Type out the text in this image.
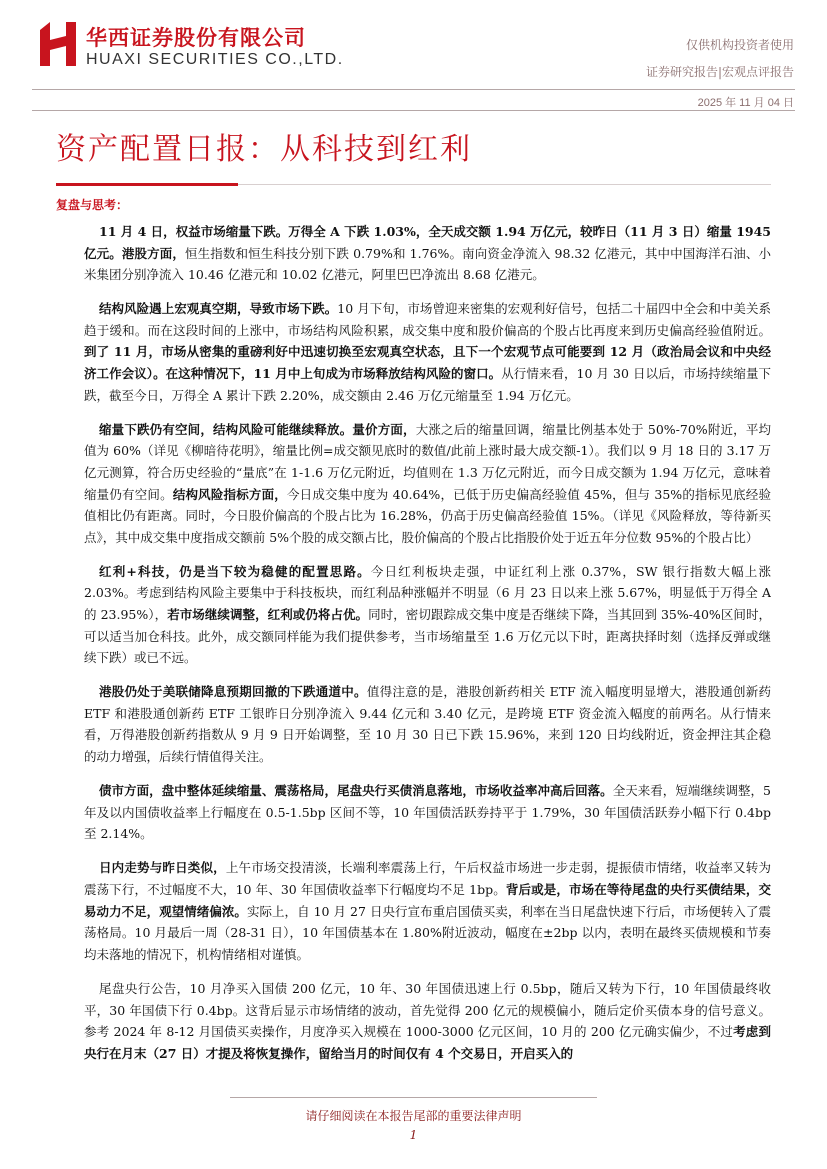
华西证券股份有限公司
HUAXI SECURITIES CO.,LTD.
仅供机构投资者使用
证券研究报告|宏观点评报告
2025 年 11 月 04 日
资产配置日报：从科技到红利
复盘与思考：

11 月 4 日，权益市场缩量下跌。万得全 A 下跌 1.03%，全天成交额 1.94 万亿元，较昨日（11 月 3 日）缩量 1945 亿元。港股方面，恒生指数和恒生科技分别下跌 0.79%和 1.76%。南向资金净流入 98.32 亿港元，其中中国海洋石油、小米集团分别净流入 10.46 亿港元和 10.02 亿港元，阿里巴巴净流出 8.68 亿港元。

结构风险遇上宏观真空期，导致市场下跌。10 月下旬，市场曾迎来密集的宏观利好信号，包括二十届四中全会和中美关系趋于缓和。而在这段时间的上涨中，市场结构风险积累，成交集中度和股价偏高的个股占比再度来到历史偏高经验值附近。到了 11 月，市场从密集的重磅利好中迅速切换至宏观真空状态，且下一个宏观节点可能要到 12 月（政治局会议和中央经济工作会议）。在这种情况下，11 月中上旬成为市场释放结构风险的窗口。从行情来看，10 月 30 日以后，市场持续缩量下跌，截至今日，万得全 A 累计下跌 2.20%，成交额由 2.46 万亿元缩量至 1.94 万亿元。

缩量下跌仍有空间，结构风险可能继续释放。量价方面，大涨之后的缩量回调，缩量比例基本处于 50%-70%附近，平均值为 60%（详见《柳暗待花明》，缩量比例=成交额见底时的数值/此前上涨时最大成交额-1）。我们以 9 月 18 日的 3.17 万亿元测算，符合历史经验的“量底”在 1-1.6 万亿元附近，均值则在 1.3 万亿元附近，而今日成交额为 1.94 万亿元，意味着缩量仍有空间。结构风险指标方面，今日成交集中度为 40.64%，已低于历史偏高经验值 45%，但与 35%的指标见底经验值相比仍有距离。同时，今日股价偏高的个股占比为 16.28%，仍高于历史偏高经验值 15%。（详见《风险释放，等待新买点》，其中成交集中度指成交额前 5%个股的成交额占比，股价偏高的个股占比指股价处于近五年分位数 95%的个股占比）

红利+科技，仍是当下较为稳健的配置思路。今日红利板块走强，中证红利上涨 0.37%，SW 银行指数大幅上涨 2.03%。考虑到结构风险主要集中于科技板块，而红利品种涨幅并不明显（6 月 23 日以来上涨 5.67%，明显低于万得全 A 的 23.95%），若市场继续调整，红利或仍将占优。同时，密切跟踪成交集中度是否继续下降，当其回到 35%-40%区间时，可以适当加仓科技。此外，成交额同样能为我们提供参考，当市场缩量至 1.6 万亿元以下时，距离抉择时刻（选择反弹或继续下跌）或已不远。

港股仍处于美联储降息预期回撤的下跌通道中。值得注意的是，港股创新药相关 ETF 流入幅度明显增大，港股通创新药 ETF 和港股通创新药 ETF 工银昨日分别净流入 9.44 亿元和 3.40 亿元，是跨境 ETF 资金流入幅度的前两名。从行情来看，万得港股创新药指数从 9 月 9 日开始调整，至 10 月 30 日已下跌 15.96%，来到 120 日均线附近，资金押注其企稳的动力增强，后续行情值得关注。

债市方面，盘中整体延续缩量、震荡格局，尾盘央行买债消息落地，市场收益率冲高后回落。全天来看，短端继续调整，5 年及以内国债收益率上行幅度在 0.5-1.5bp 区间不等，10 年国债活跃券持平于 1.79%，30 年国债活跃券小幅下行 0.4bp 至 2.14%。

日内走势与昨日类似，上午市场交投清淡，长端利率震荡上行，午后权益市场进一步走弱，提振债市情绪，收益率又转为震荡下行，不过幅度不大，10 年、30 年国债收益率下行幅度均不足 1bp。背后或是，市场在等待尾盘的央行买债结果，交易动力不足，观望情绪偏浓。实际上，自 10 月 27 日央行宣布重启国债买卖，利率在当日尾盘快速下行后，市场便转入了震荡格局。10 月最后一周（28-31 日），10 年国债基本在 1.80%附近波动，幅度在±2bp 以内，表明在最终买债规模和节奏均未落地的情况下，机构情绪相对谨慎。

尾盘央行公告，10 月净买入国债 200 亿元，10 年、30 年国债迅速上行 0.5bp，随后又转为下行，10 年国债最终收平，30 年国债下行 0.4bp。这背后显示市场情绪的波动，首先觉得 200 亿元的规模偏小，随后定价买债本身的信号意义。参考 2024 年 8-12 月国债买卖操作，月度净买入规模在 1000-3000 亿元区间，10 月的 200 亿元确实偏少，不过考虑到央行在月末（27 日）才提及将恢复操作，留给当月的时间仅有 4 个交易日，开启买入的

请仔细阅读在本报告尾部的重要法律声明
1
